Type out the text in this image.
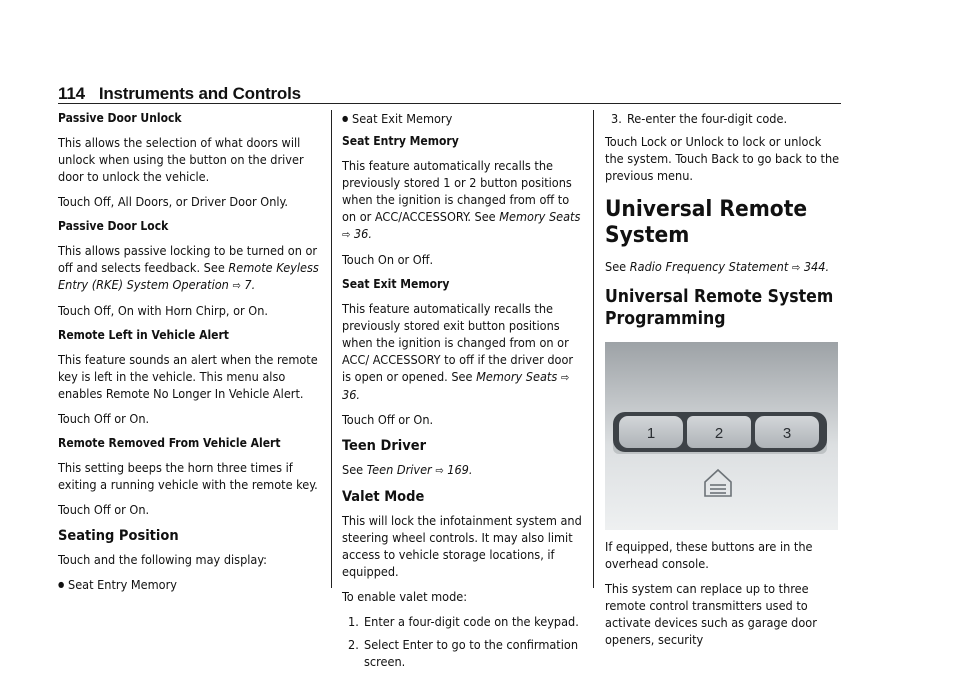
114 Instruments and Controls

Passive Door Unlock

This allows the selection of what doors will unlock when using the button on the driver door to unlock the vehicle.

Touch Off, All Doors, or Driver Door Only.

Passive Door Lock

This allows passive locking to be turned on or off and selects feedback. See Remote Keyless Entry (RKE) System Operation ⇨ 7.

Touch Off, On with Horn Chirp, or On.

Remote Left in Vehicle Alert

This feature sounds an alert when the remote key is left in the vehicle. This menu also enables Remote No Longer In Vehicle Alert.

Touch Off or On.

Remote Removed From Vehicle Alert

This setting beeps the horn three times if exiting a running vehicle with the remote key.

Touch Off or On.

Seating Position

Touch and the following may display:

● Seat Entry Memory

● Seat Exit Memory

Seat Entry Memory

This feature automatically recalls the previously stored 1 or 2 button positions when the ignition is changed from off to on or ACC/ACCESSORY. See Memory Seats ⇨ 36.

Touch On or Off.

Seat Exit Memory

This feature automatically recalls the previously stored exit button positions when the ignition is changed from on or ACC/ ACCESSORY to off if the driver door is open or opened. See Memory Seats ⇨ 36.

Touch Off or On.

Teen Driver

See Teen Driver ⇨ 169.

Valet Mode

This will lock the infotainment system and steering wheel controls. It may also limit access to vehicle storage locations, if equipped.

To enable valet mode:

1. Enter a four-digit code on the keypad.

2. Select Enter to go to the confirmation screen.

3. Re-enter the four-digit code.

Touch Lock or Unlock to lock or unlock the system. Touch Back to go back to the previous menu.

Universal Remote System

See Radio Frequency Statement ⇨ 344.

Universal Remote System Programming

1	2	3

If equipped, these buttons are in the overhead console.

This system can replace up to three remote control transmitters used to activate devices such as garage door openers, security
